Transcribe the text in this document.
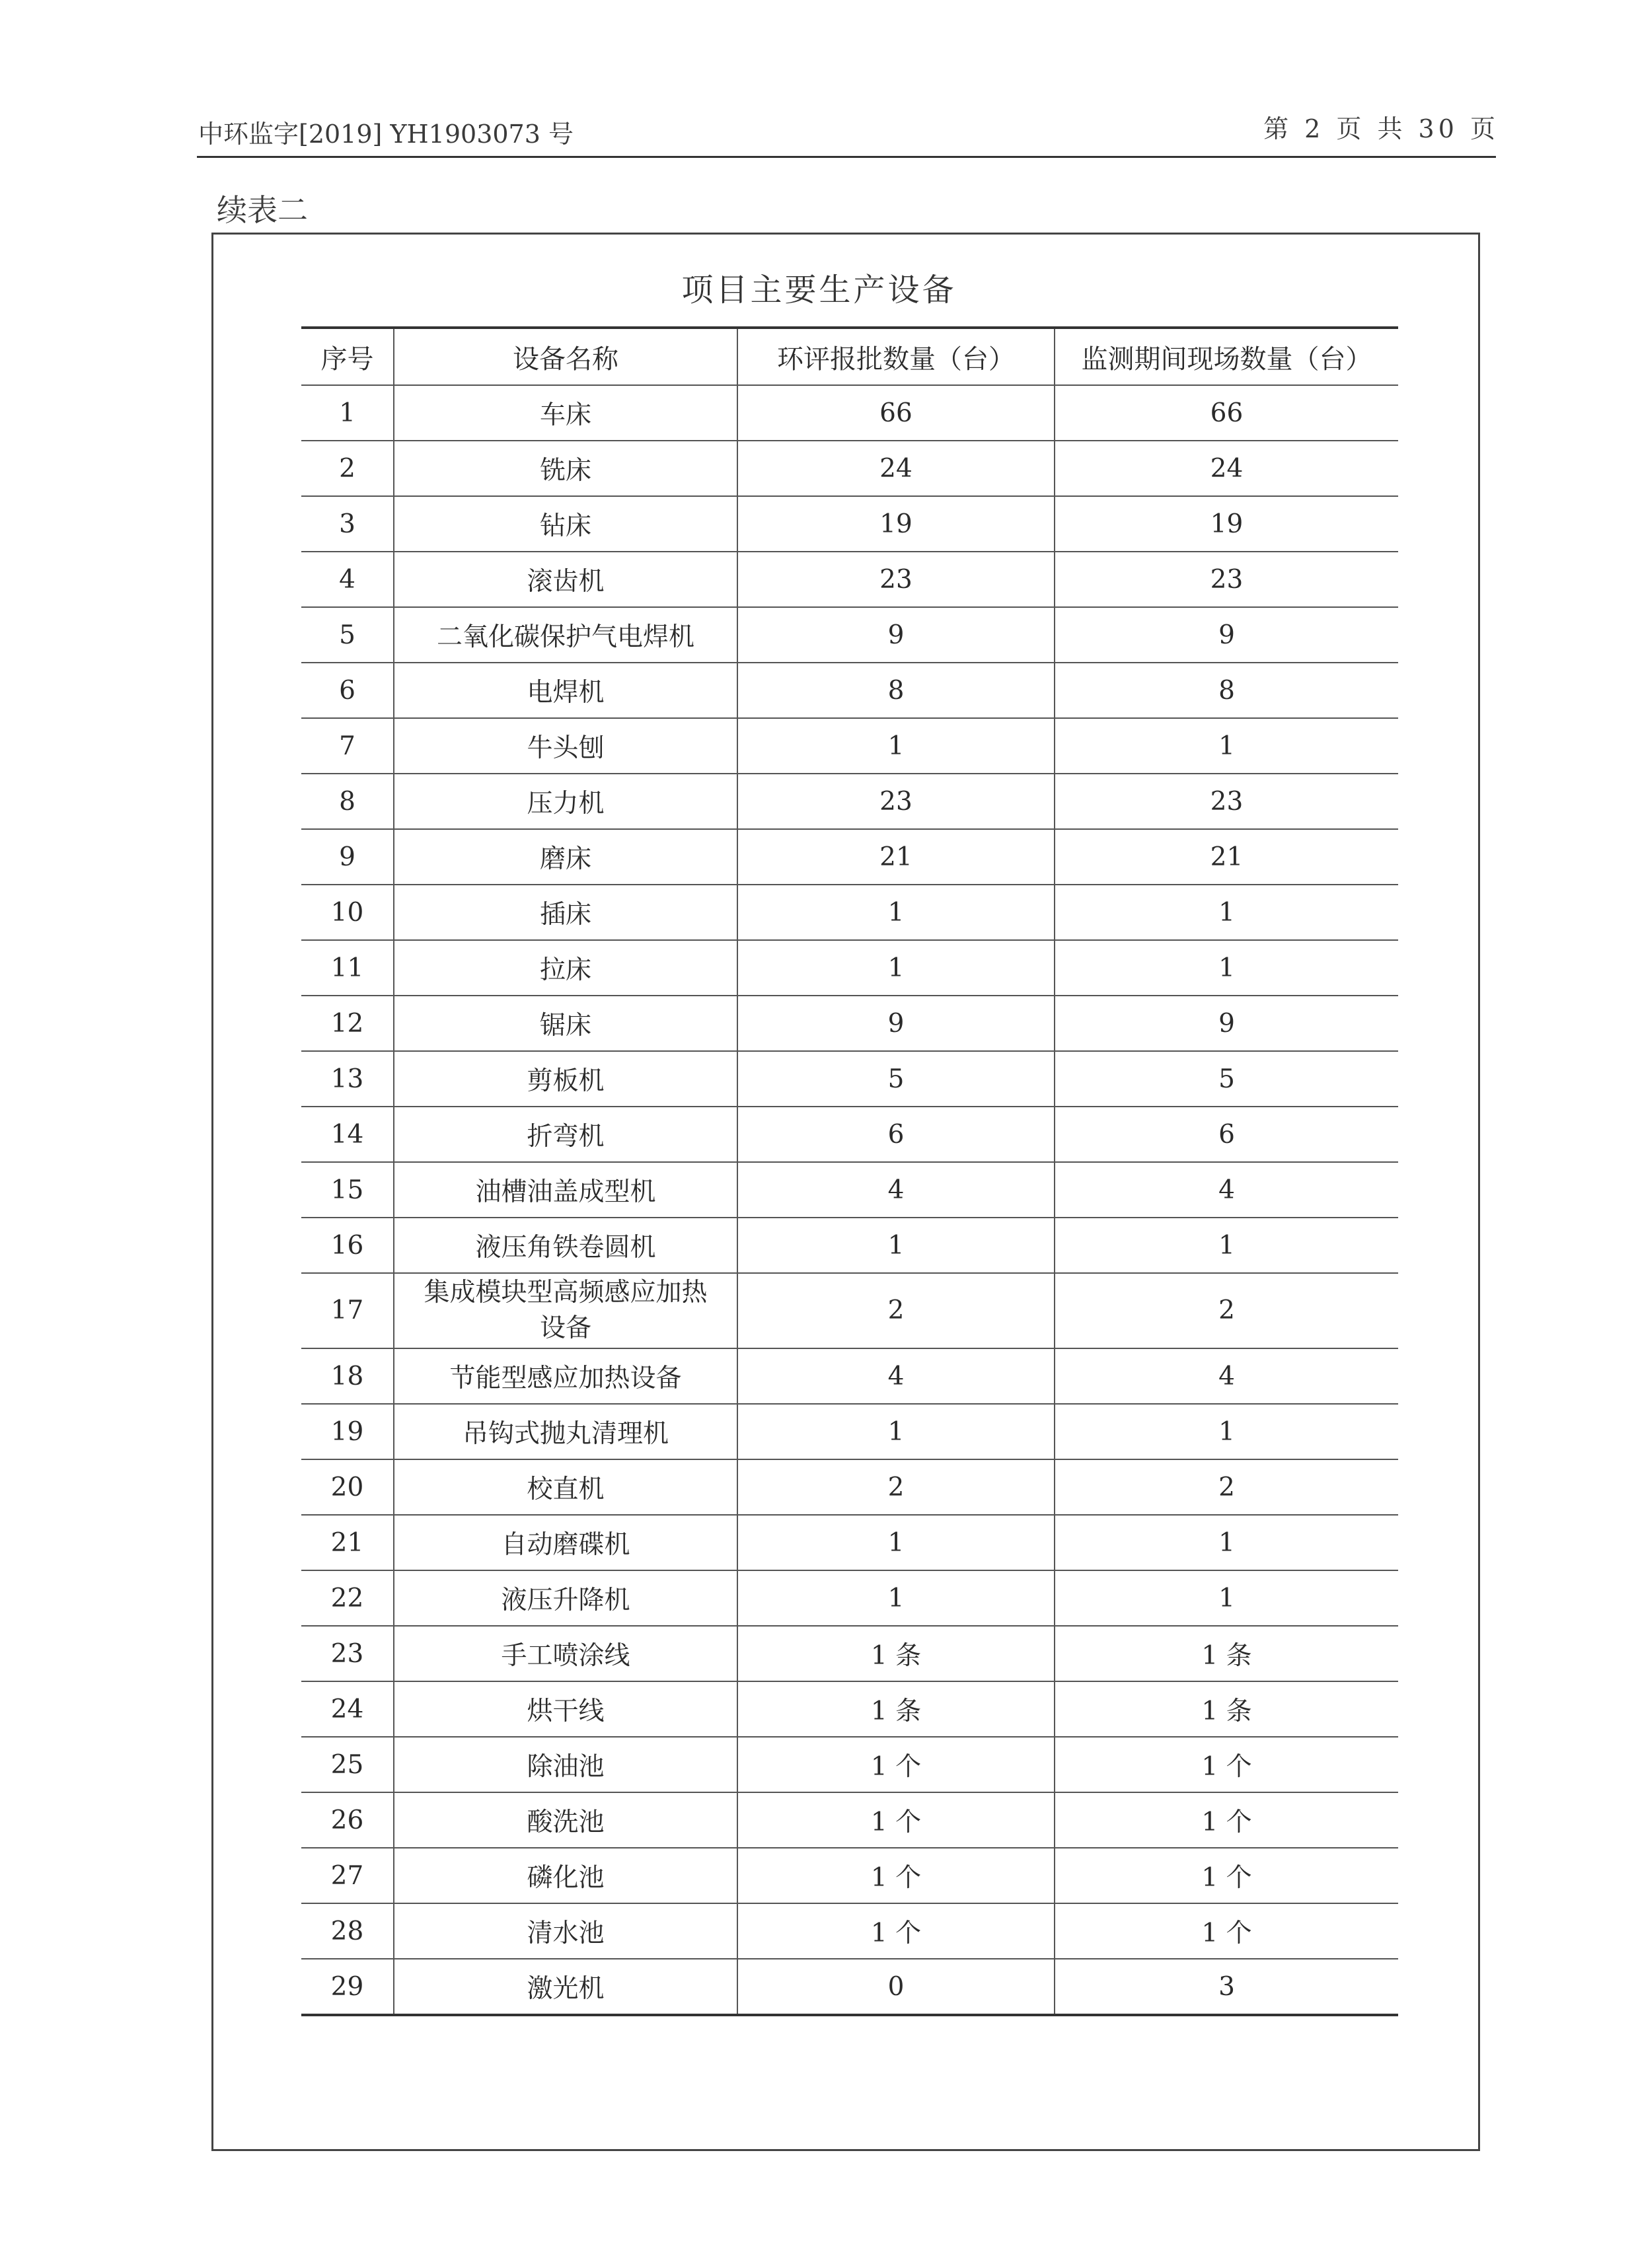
中环监字[2019] YH1903073 号	第 2 页 共 30 页
续表二
项目主要生产设备
序号	设备名称	环评报批数量（台）	监测期间现场数量（台）
1	车床	66	66
2	铣床	24	24
3	钻床	19	19
4	滚齿机	23	23
5	二氧化碳保护气电焊机	9	9
6	电焊机	8	8
7	牛头刨	1	1
8	压力机	23	23
9	磨床	21	21
10	插床	1	1
11	拉床	1	1
12	锯床	9	9
13	剪板机	5	5
14	折弯机	6	6
15	油槽油盖成型机	4	4
16	液压角铁卷圆机	1	1
17	集成模块型高频感应加热设备	2	2
18	节能型感应加热设备	4	4
19	吊钩式抛丸清理机	1	1
20	校直机	2	2
21	自动磨碟机	1	1
22	液压升降机	1	1
23	手工喷涂线	1 条	1 条
24	烘干线	1 条	1 条
25	除油池	1 个	1 个
26	酸洗池	1 个	1 个
27	磷化池	1 个	1 个
28	清水池	1 个	1 个
29	激光机	0	3
